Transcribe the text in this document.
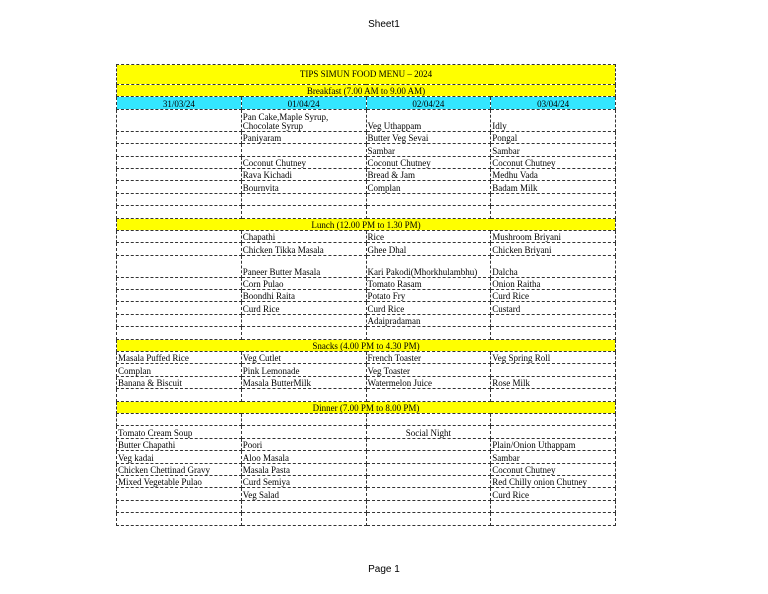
Sheet1
TIPS SIMUN FOOD MENU – 2024			
Breakfast (7.00 AM to 9.00 AM)			
31/03/24	01/04/24	02/04/24	03/04/24
	Pan Cake,Maple Syrup, Chocolate Syrup	Veg Uthappam	Idly
	Paniyaram	Butter Veg Sevai	Pongal
		Sambar	Sambar
	Coconut Chutney	Coconut Chutney	Coconut Chutney
	Rava Kichadi	Bread & Jam	Medhu Vada
	Bournvita	Complan	Badam Milk

Lunch (12.00 PM to 1.30 PM)			
	Chapathi	Rice	Mushroom Briyani
	Chicken Tikka Masala	Ghee Dhal	Chicken Briyani
	Paneer Butter Masala	Kari Pakodi(Mhorkhulambhu)	Dalcha
	Corn Pulao	Tomato Rasam	Onion Raitha
	Boondhi Raita	Potato Fry	Curd Rice
	Curd Rice	Curd Rice	Custard
		Adaipradaman	

Snacks (4.00 PM to 4.30 PM)			
Masala Puffed Rice	Veg Cutlet	French Toaster	Veg Spring Roll
Complan	Pink Lemonade	Veg Toaster	
Banana & Biscuit	Masala ButterMilk	Watermelon Juice	Rose Milk

Dinner (7.00 PM to 8.00 PM)			

Tomato Cream Soup		Social Night	
Butter Chapathi	Poori		Plain/Onion Uthappam
Veg kadai	Aloo Masala		Sambar
Chicken Chettinad Gravy	Masala Pasta		Coconut Chutney
Mixed Vegetable Pulao	Curd Semiya		Red Chilly onion Chutney
	Veg Salad		Curd Rice

Page 1
